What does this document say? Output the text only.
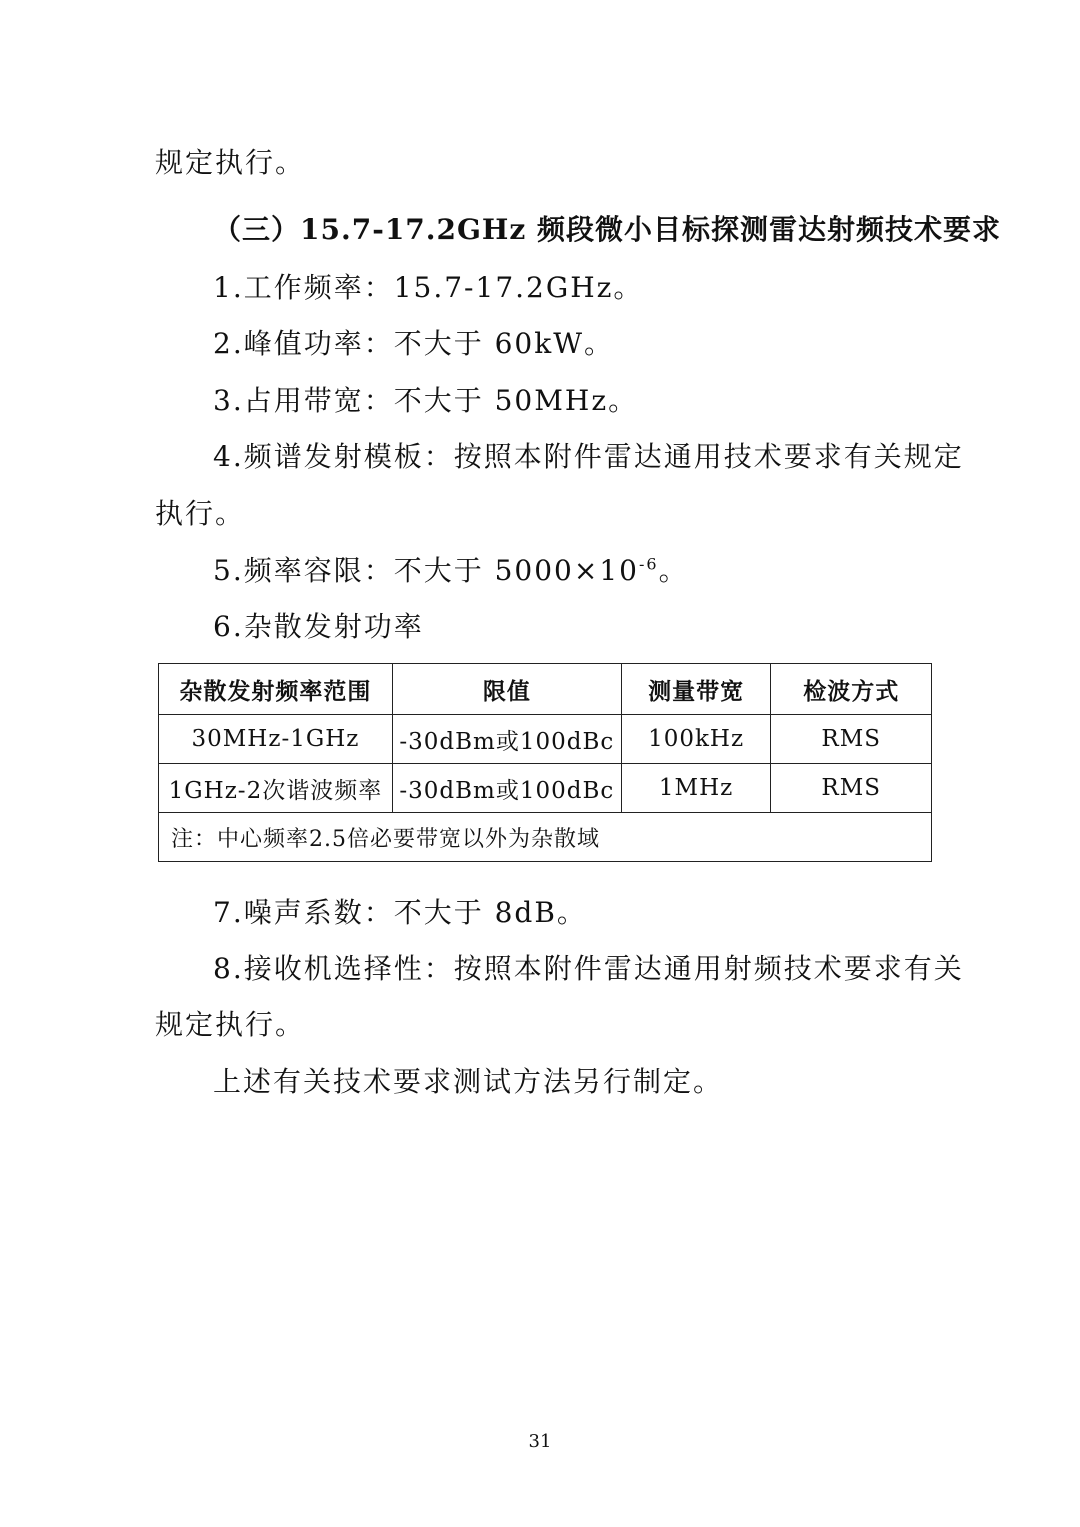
规定执行。
（三）15.7-17.2GHz 频段微小目标探测雷达射频技术要求
1.工作频率：15.7-17.2GHz。
2.峰值功率：不大于 60kW。
3.占用带宽：不大于 50MHz。
4.频谱发射模板：按照本附件雷达通用技术要求有关规定
执行。
5.频率容限：不大于 $5000\times 10^{-6}$。
6.杂散发射功率
杂散发射频率范围	限值	测量带宽	检波方式
30MHz-1GHz	-30dBm或100dBc	100kHz	RMS
1GHz-2次谐波频率	-30dBm或100dBc	1MHz	RMS
注：中心频率2.5倍必要带宽以外为杂散域			
7.噪声系数：不大于 8dB。
8.接收机选择性：按照本附件雷达通用射频技术要求有关
规定执行。
上述有关技术要求测试方法另行制定。
31
